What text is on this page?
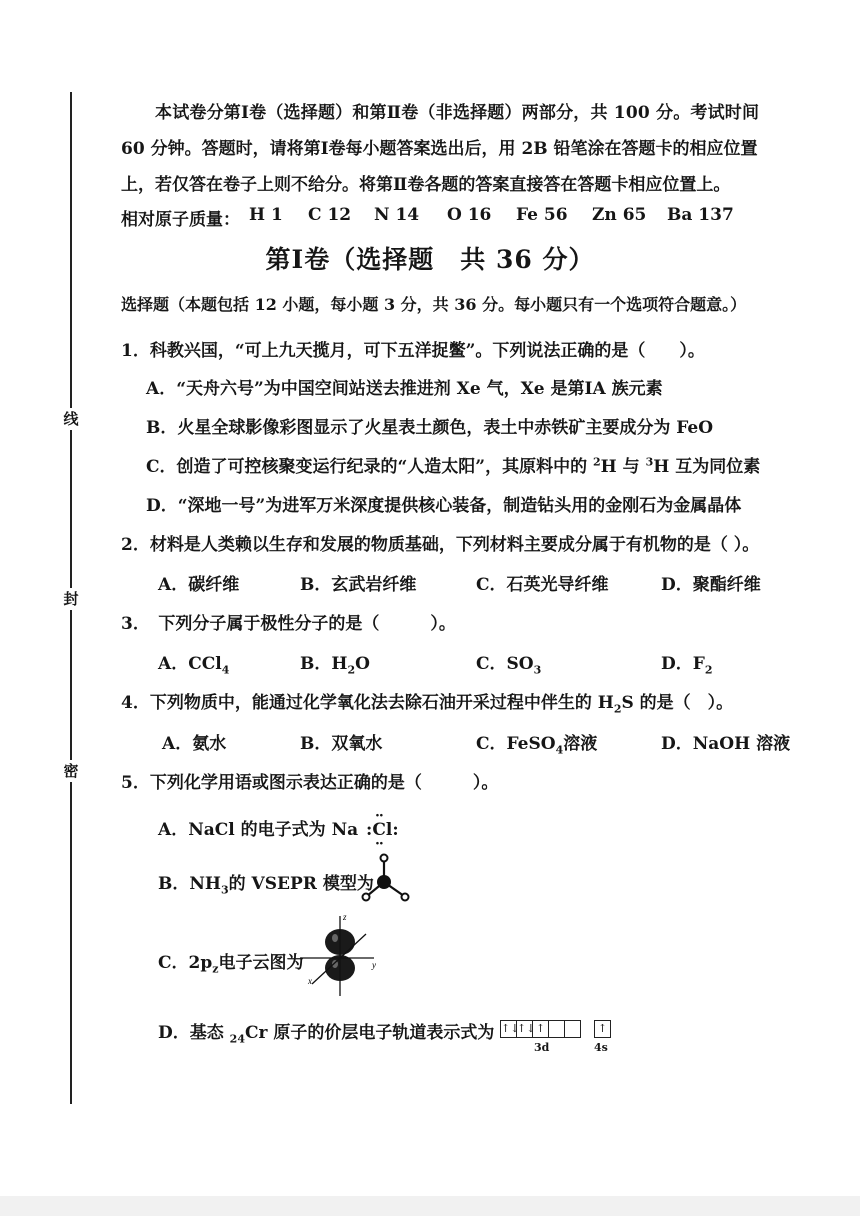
线
封
密
本试卷分第Ⅰ卷（选择题）和第Ⅱ卷（非选择题）两部分，共 100 分。考试时间
60 分钟。答题时，请将第Ⅰ卷每小题答案选出后，用 2B 铅笔涂在答题卡的相应位置
上，若仅答在卷子上则不给分。将第Ⅱ卷各题的答案直接答在答题卡相应位置上。
相对原子质量： H 1 C 12 N 14 O 16 Fe 56 Zn 65 Ba 137
第Ⅰ卷（选择题　共 36 分）
选择题（本题包括 12 小题，每小题 3 分，共 36 分。每小题只有一个选项符合题意。）
1．科教兴国，“可上九天揽月，可下五洋捉鳖”。下列说法正确的是（　　）。
A．“天舟六号”为中国空间站送去推进剂 Xe 气，Xe 是第ⅠA 族元素
B．火星全球影像彩图显示了火星表土颜色，表土中赤铁矿主要成分为 FeO
C．创造了可控核聚变运行纪录的“人造太阳”，其原料中的 $^2$H 与 $^3$H 互为同位素
D．“深地一号”为进军万米深度提供核心装备，制造钻头用的金刚石为金属晶体
2．材料是人类赖以生存和发展的物质基础，下列材料主要成分属于有机物的是（ ）。
A．碳纤维	B．玄武岩纤维	C．石英光导纤维	D．聚酯纤维
3．　下列分子属于极性分子的是（　　　）。
A．CCl$_4$	B．$H_2O$	C．$SO_3$	D．$F_2$
4．下列物质中，能通过化学氧化法去除石油开采过程中伴生的 $H_2S$ 的是（　）。
A．氨水	B．双氧水	C．FeSO$_4$溶液	D．NaOH 溶液
5．下列化学用语或图示表达正确的是（　　　）。
A．NaCl 的电子式为 Na :Cl:
··
··
B．$NH_3$的 VSEPR 模型为
C．$2p_z$电子云图为
z
y
x
D．基态 $_{24}$Cr 原子的价层电子轨道表示式为 ↑↓
↑↓ ↑
3d
↑
4s
